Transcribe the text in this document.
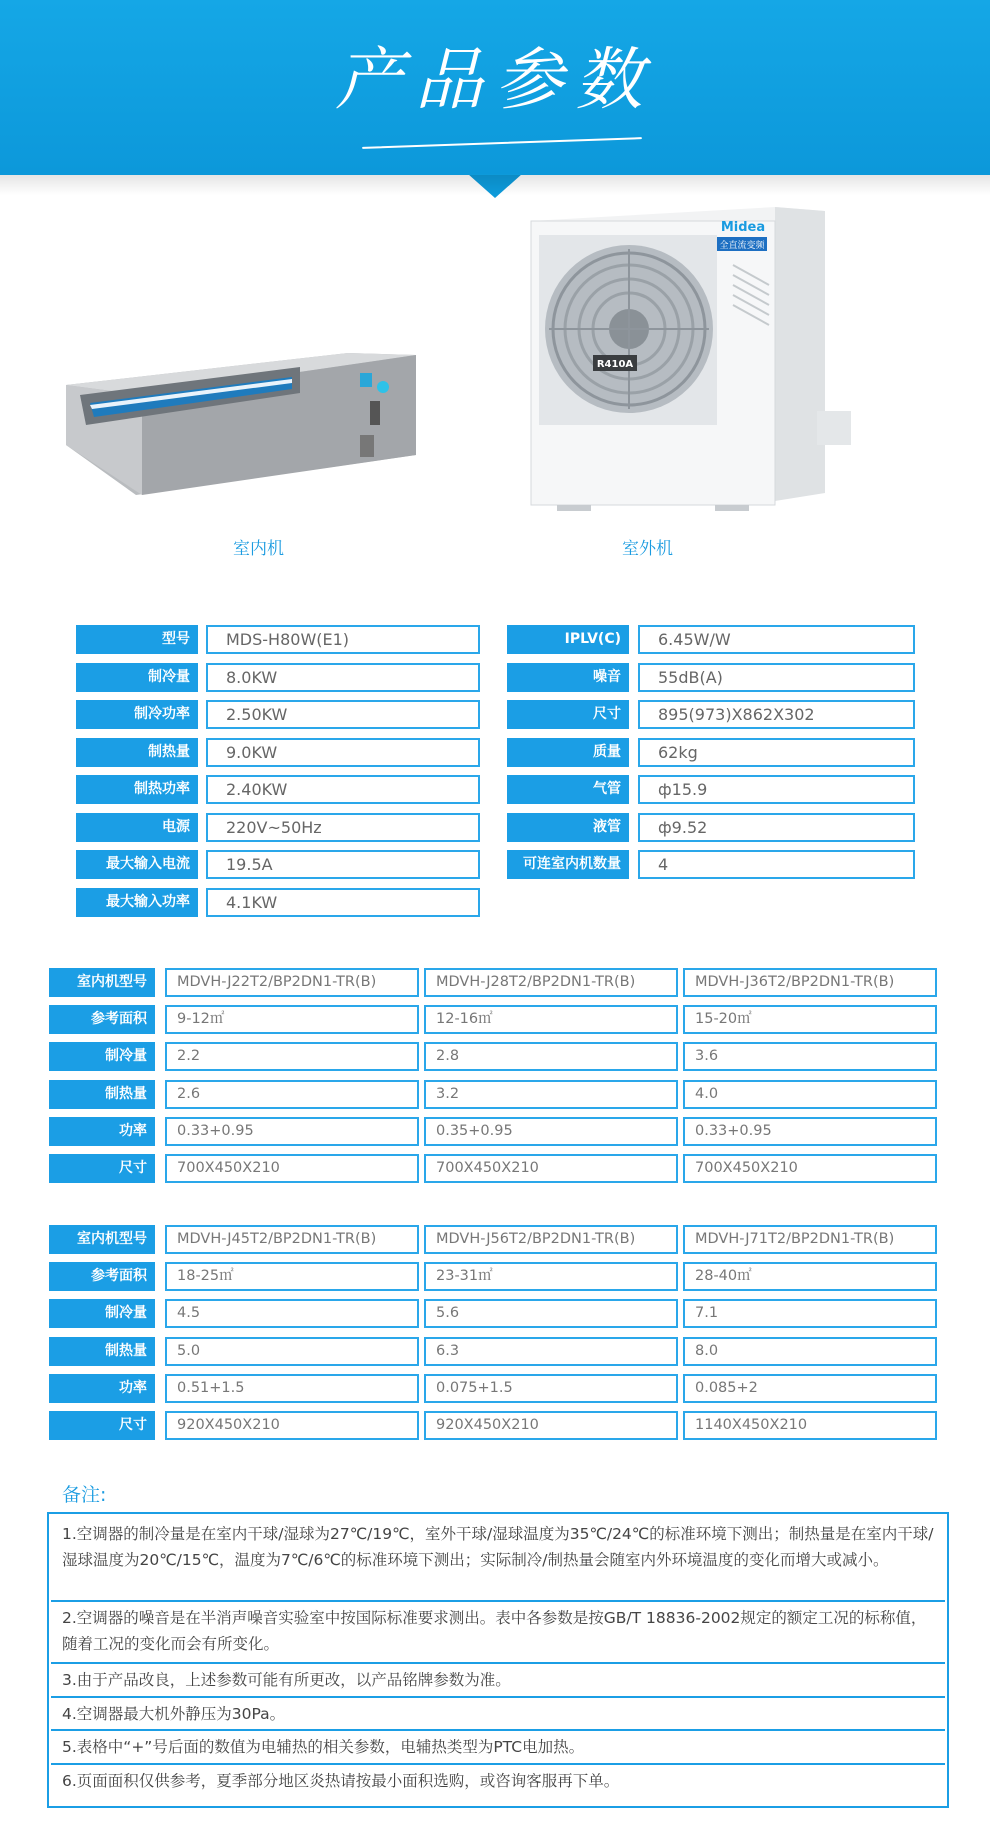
产品参数
室内机
R410A
Midea
全直流变频
室外机
型号	MDS-H80W(E1)
制冷量	8.0KW
制冷功率	2.50KW
制热量	9.0KW
制热功率	2.40KW
电源	220V~50Hz
最大输入电流	19.5A
最大输入功率	4.1KW
IPLV(C)	6.45W/W
噪音	55dB(A)
尺寸	895(973)X862X302
质量	62kg
气管	ф15.9
液管	ф9.52
可连室内机数量	4
室内机型号	MDVH-J22T2/BP2DN1-TR(B)	MDVH-J28T2/BP2DN1-TR(B)	MDVH-J36T2/BP2DN1-TR(B)
参考面积	9-12㎡	12-16㎡	15-20㎡
制冷量	2.2	2.8	3.6
制热量	2.6	3.2	4.0
功率	0.33+0.95	0.35+0.95	0.33+0.95
尺寸	700X450X210	700X450X210	700X450X210
室内机型号	MDVH-J45T2/BP2DN1-TR(B)	MDVH-J56T2/BP2DN1-TR(B)	MDVH-J71T2/BP2DN1-TR(B)
参考面积	18-25㎡	23-31㎡	28-40㎡
制冷量	4.5	5.6	7.1
制热量	5.0	6.3	8.0
功率	0.51+1.5	0.075+1.5	0.085+2
尺寸	920X450X210	920X450X210	1140X450X210
备注:
1.空调器的制冷量是在室内干球/湿球为27℃/19℃，室外干球/湿球温度为35℃/24℃的标准环境下测出；制热量是在室内干球/湿球温度为20℃/15℃，温度为7℃/6℃的标准环境下测出；实际制冷/制热量会随室内外环境温度的变化而增大或减小。
2.空调器的噪音是在半消声噪音实验室中按国际标准要求测出。表中各参数是按GB/T 18836-2002规定的额定工况的标称值，随着工况的变化而会有所变化。
3.由于产品改良，上述参数可能有所更改，以产品铭牌参数为准。
4.空调器最大机外静压为30Pa。
5.表格中“+”号后面的数值为电辅热的相关参数，电辅热类型为PTC电加热。
6.页面面积仅供参考，夏季部分地区炎热请按最小面积选购，或咨询客服再下单。
